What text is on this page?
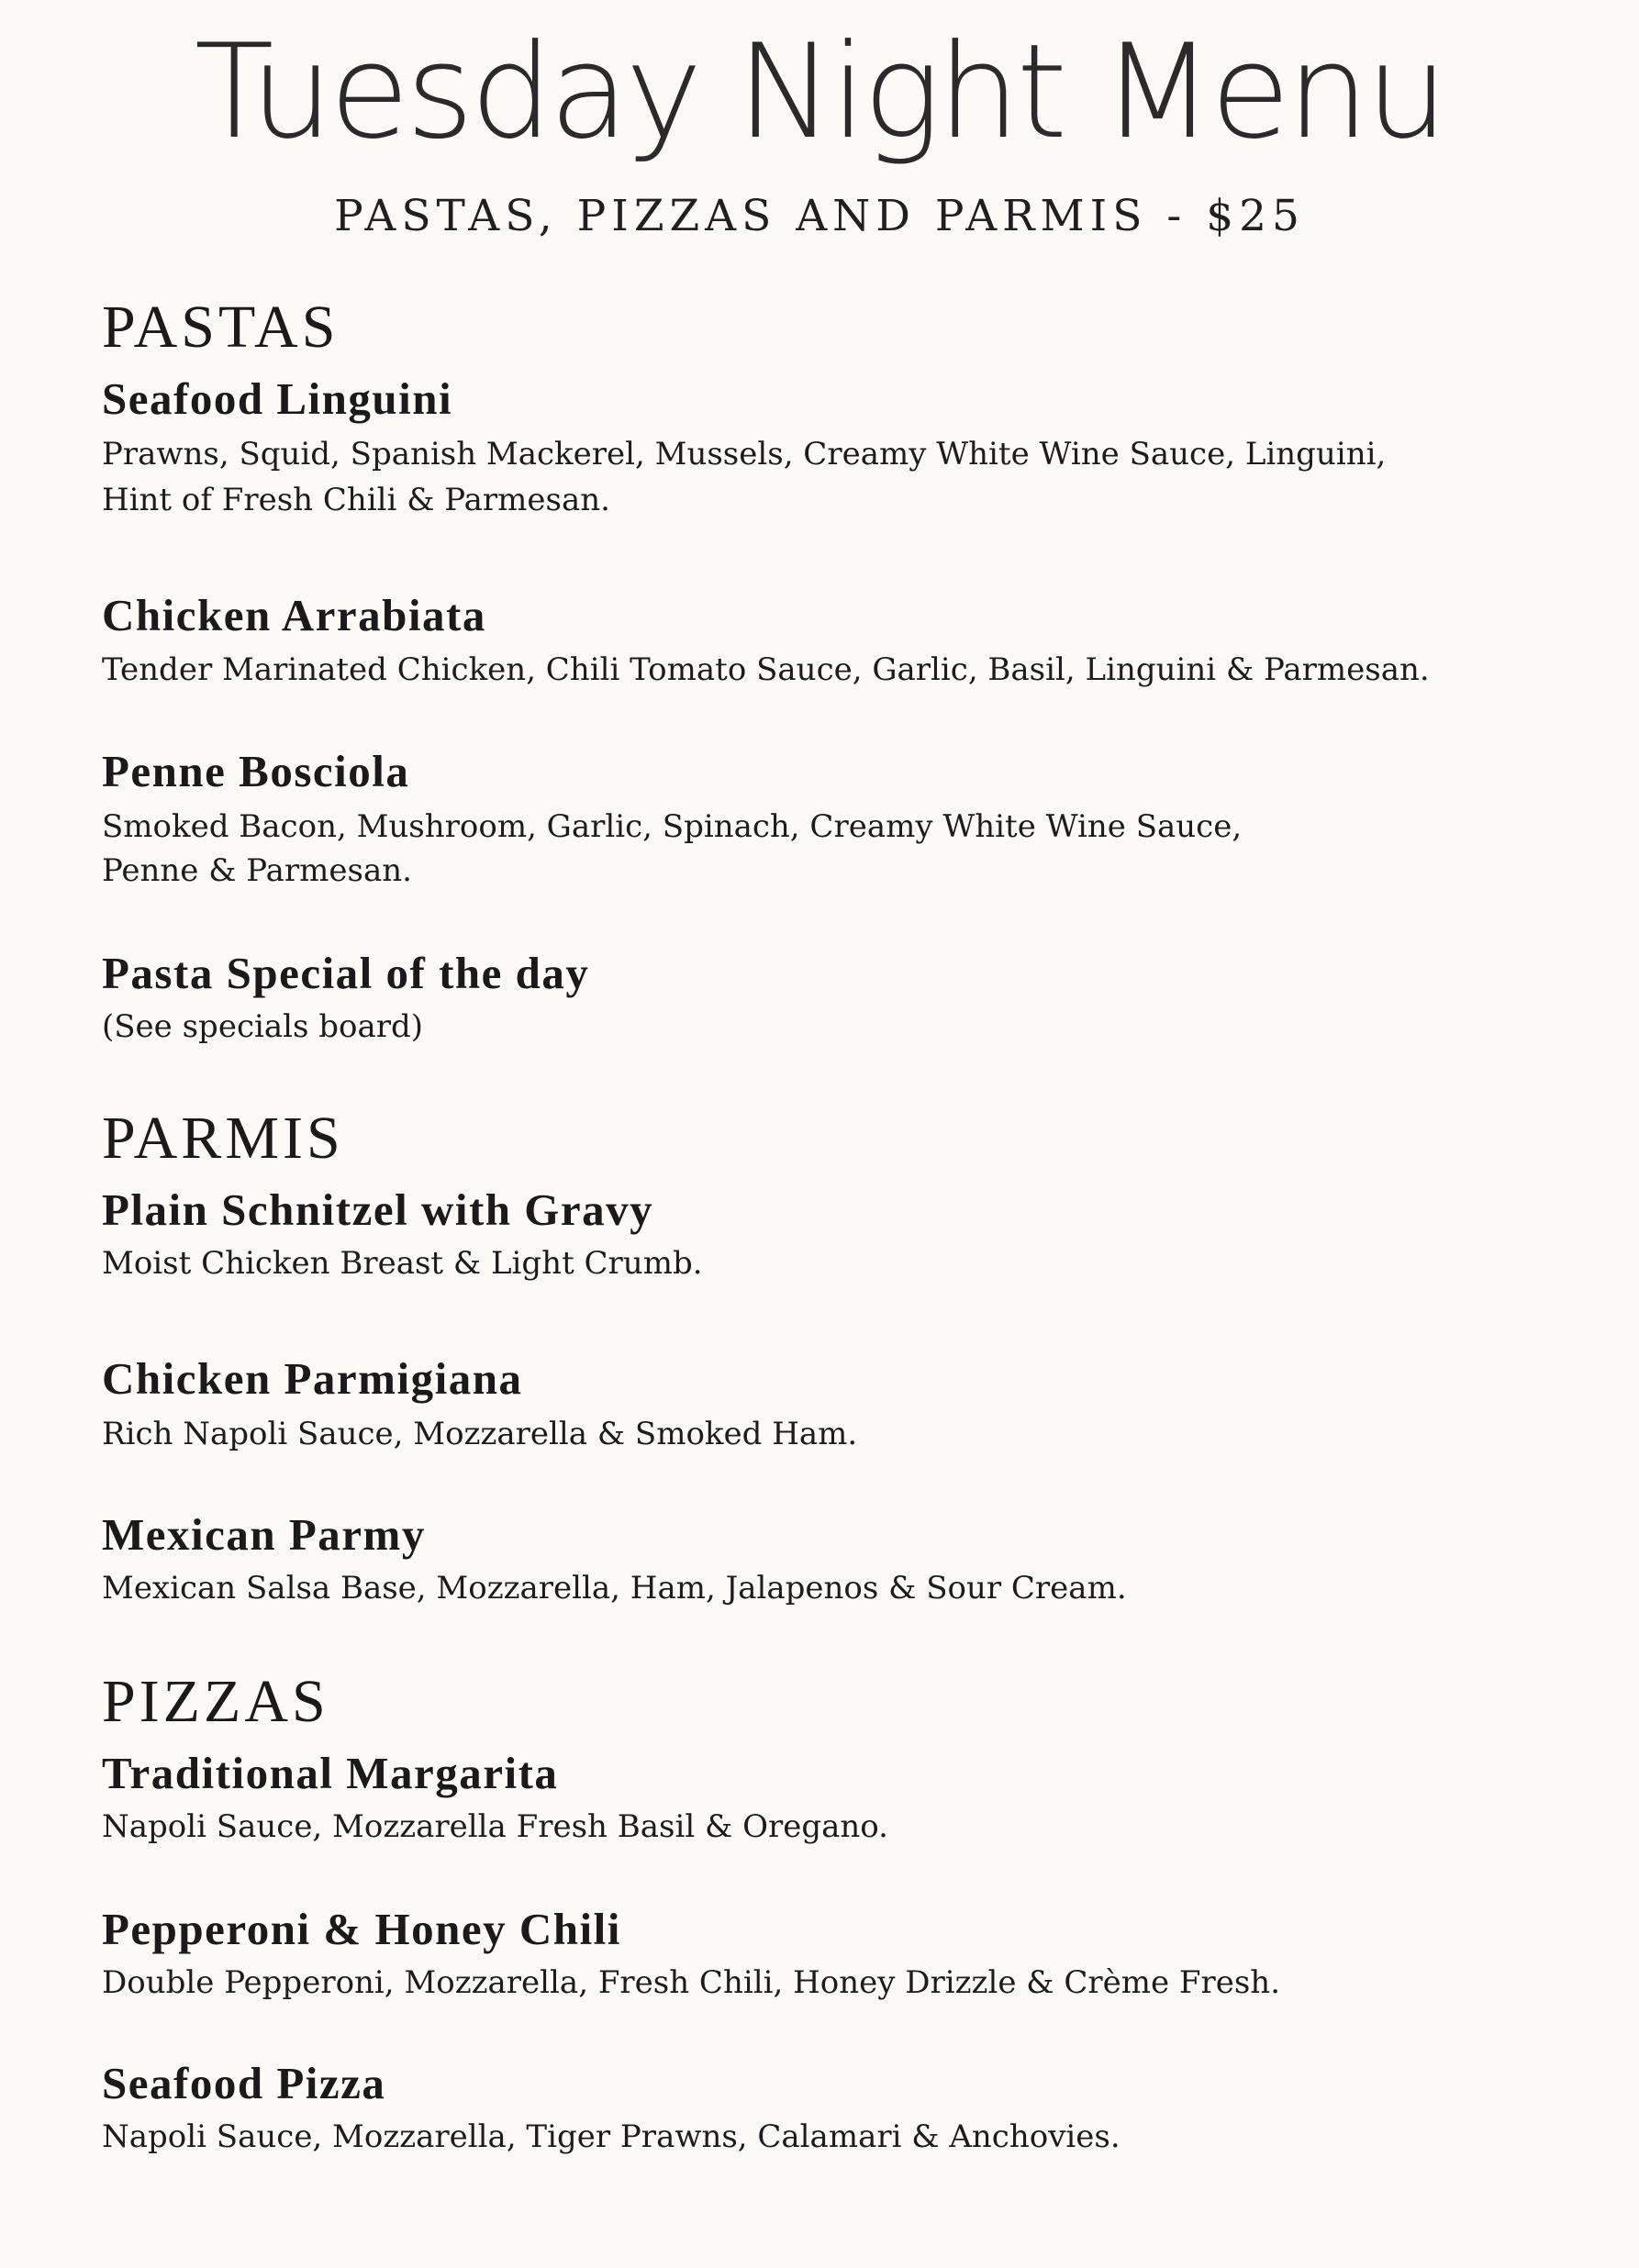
Tuesday Night Menu
PASTAS, PIZZAS AND PARMIS - $25
PASTAS
Seafood Linguini
Prawns, Squid, Spanish Mackerel, Mussels, Creamy White Wine Sauce, Linguini,
Hint of Fresh Chili & Parmesan.
Chicken Arrabiata
Tender Marinated Chicken, Chili Tomato Sauce, Garlic, Basil, Linguini & Parmesan.
Penne Bosciola
Smoked Bacon, Mushroom, Garlic, Spinach, Creamy White Wine Sauce,
Penne & Parmesan.
Pasta Special of the day
(See specials board)
PARMIS
Plain Schnitzel with Gravy
Moist Chicken Breast & Light Crumb.
Chicken Parmigiana
Rich Napoli Sauce, Mozzarella & Smoked Ham.
Mexican Parmy
Mexican Salsa Base, Mozzarella, Ham, Jalapenos & Sour Cream.
PIZZAS
Traditional Margarita
Napoli Sauce, Mozzarella Fresh Basil & Oregano.
Pepperoni & Honey Chili
Double Pepperoni, Mozzarella, Fresh Chili, Honey Drizzle & Crème Fresh.
Seafood Pizza
Napoli Sauce, Mozzarella, Tiger Prawns, Calamari & Anchovies.
